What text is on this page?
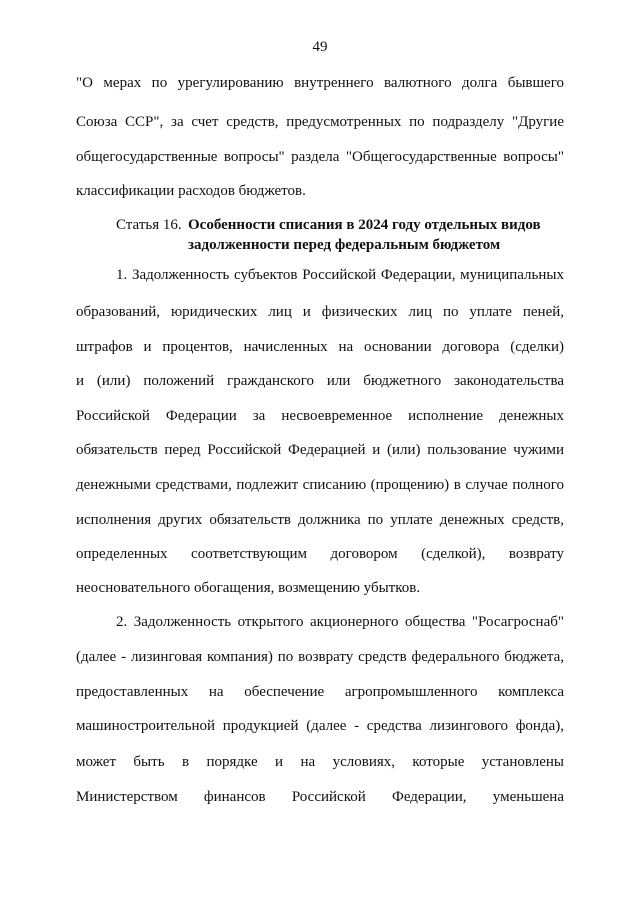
49
"О мерах по урегулированию внутреннего валютного долга бывшего
Союза ССР", за счет средств, предусмотренных по подразделу "Другие
общегосударственные вопросы" раздела "Общегосударственные вопросы"
классификации расходов бюджетов.
Статья 16. Особенности списания в 2024 году отдельных видов
задолженности перед федеральным бюджетом
1. Задолженность субъектов Российской Федерации, муниципальных
образований, юридических лиц и физических лиц по уплате пеней,
штрафов и процентов, начисленных на основании договора (сделки)
и (или) положений гражданского или бюджетного законодательства
Российской Федерации за несвоевременное исполнение денежных
обязательств перед Российской Федерацией и (или) пользование чужими
денежными средствами, подлежит списанию (прощению) в случае полного
исполнения других обязательств должника по уплате денежных средств,
определенных соответствующим договором (сделкой), возврату
неосновательного обогащения, возмещению убытков.
2. Задолженность открытого акционерного общества "Росагроснаб"
(далее - лизинговая компания) по возврату средств федерального бюджета,
предоставленных на обеспечение агропромышленного комплекса
машиностроительной продукцией (далее - средства лизингового фонда),
может быть в порядке и на условиях, которые установлены
Министерством финансов Российской Федерации, уменьшена
